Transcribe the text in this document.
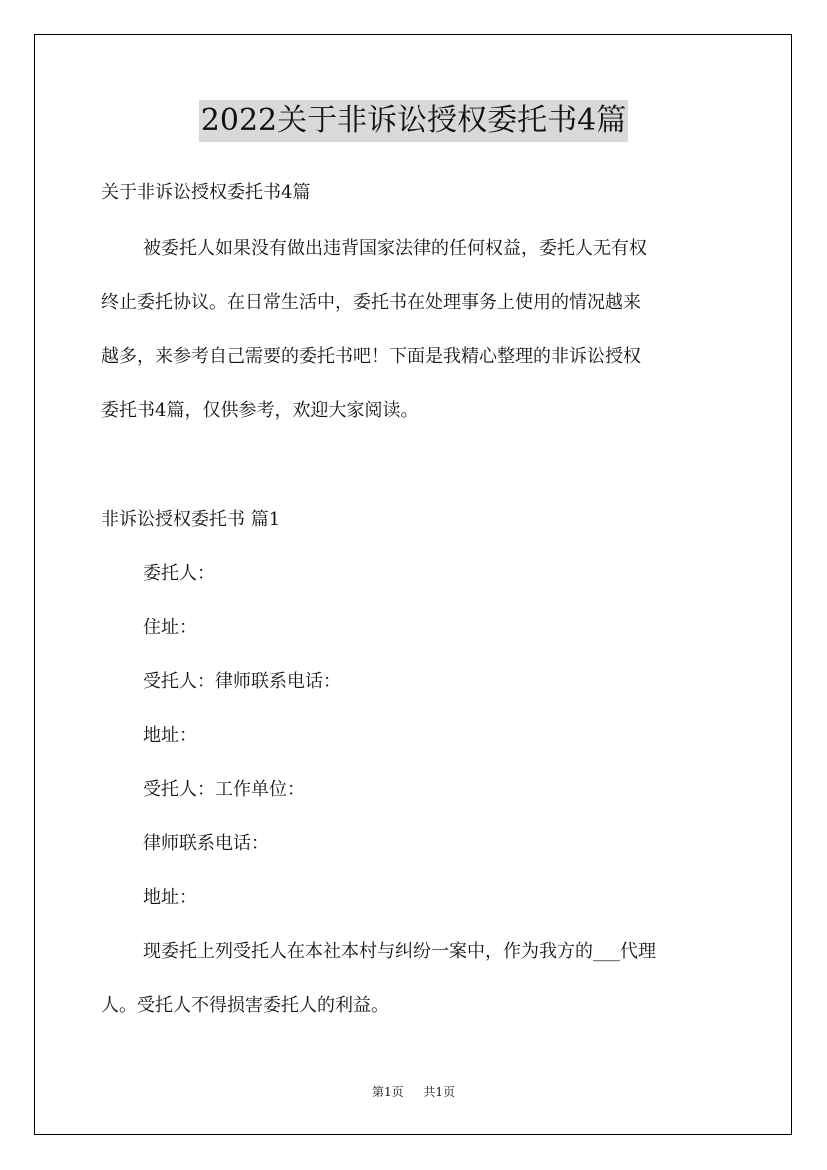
2022关于非诉讼授权委托书4篇
关于非诉讼授权委托书4篇
被委托人如果没有做出违背国家法律的任何权益，委托人无有权
终止委托协议。在日常生活中，委托书在处理事务上使用的情况越来
越多，来参考自己需要的委托书吧！下面是我精心整理的非诉讼授权
委托书4篇，仅供参考，欢迎大家阅读。
非诉讼授权委托书 篇1
委托人：
住址：
受托人：律师联系电话：
地址：
受托人：工作单位：
律师联系电话：
地址：
现委托上列受托人在本社本村与纠纷一案中，作为我方的___代理
人。受托人不得损害委托人的利益。
第1页 共1页
